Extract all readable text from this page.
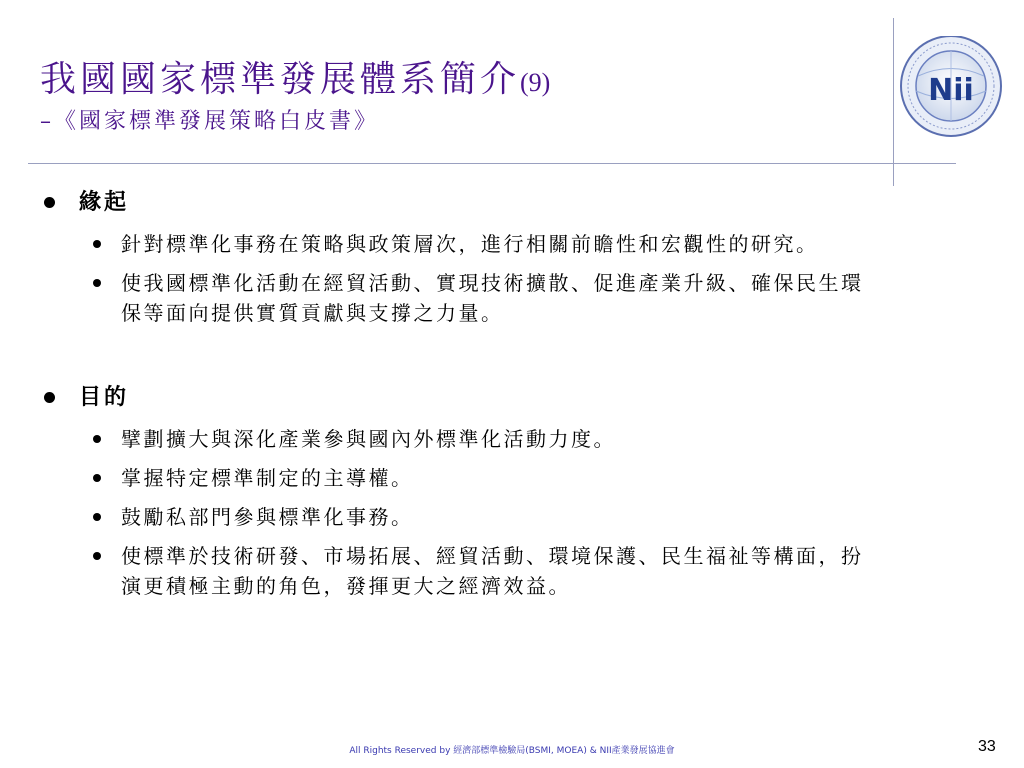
我國國家標準發展體系簡介(9)
–《國家標準發展策略白皮書》
Nii
緣起
針對標準化事務在策略與政策層次，進行相關前瞻性和宏觀性的研究。
使我國標準化活動在經貿活動、實現技術擴散、促進產業升級、確保民生環保等面向提供實質貢獻與支撐之力量。
目的
擘劃擴大與深化產業參與國內外標準化活動力度。
掌握特定標準制定的主導權。
鼓勵私部門參與標準化事務。
使標準於技術研發、市場拓展、經貿活動、環境保護、民生福祉等構面，扮演更積極主動的角色，發揮更大之經濟效益。
All Rights Reserved by 經濟部標準檢驗局(BSMI, MOEA) & NII產業發展協進會	33
